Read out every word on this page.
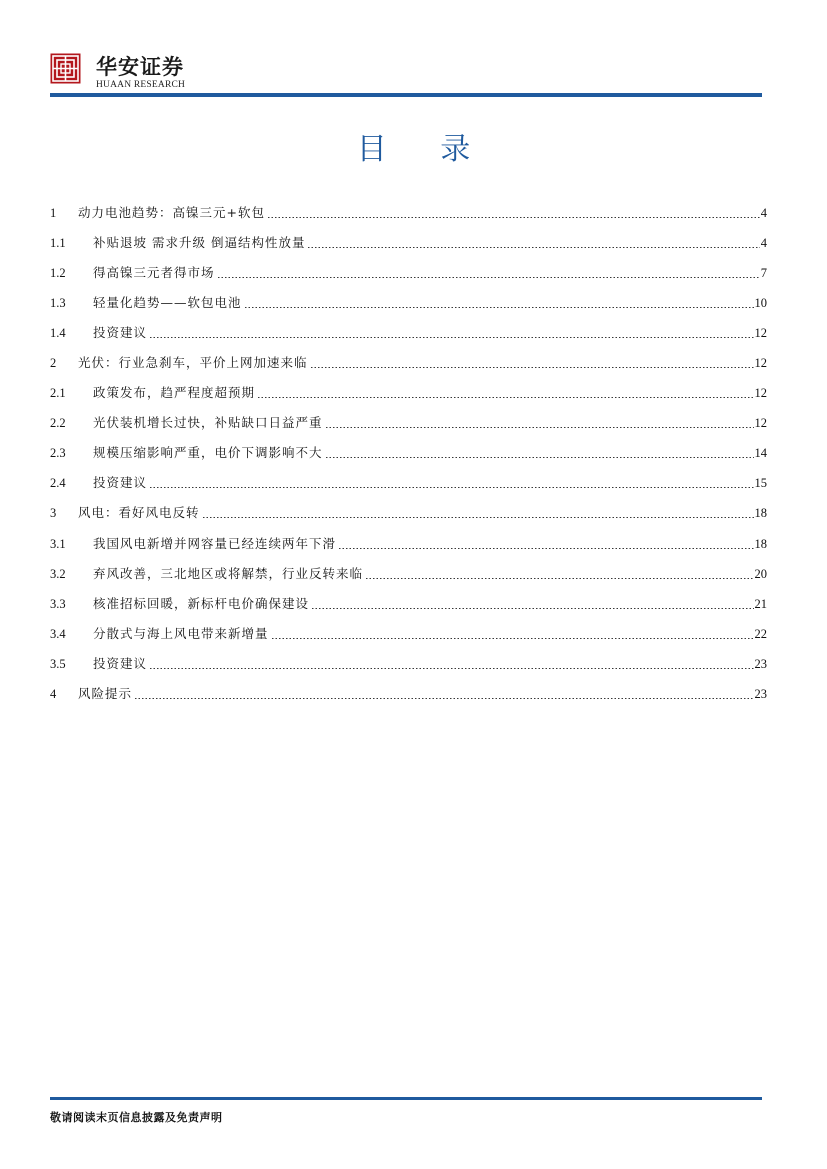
华安证券
HUAAN RESEARCH
目 录
1 动力电池趋势：高镍三元+软包	4
1.1 补贴退坡 需求升级 倒逼结构性放量	4
1.2 得高镍三元者得市场	7
1.3 轻量化趋势——软包电池	10
1.4 投资建议	12
2 光伏：行业急刹车，平价上网加速来临	12
2.1 政策发布，趋严程度超预期	12
2.2 光伏装机增长过快，补贴缺口日益严重	12
2.3 规模压缩影响严重，电价下调影响不大	14
2.4 投资建议	15
3 风电：看好风电反转	18
3.1 我国风电新增并网容量已经连续两年下滑	18
3.2 弃风改善，三北地区或将解禁，行业反转来临	20
3.3 核准招标回暖，新标杆电价确保建设	21
3.4 分散式与海上风电带来新增量	22
3.5 投资建议	23
4 风险提示	23
敬请阅读末页信息披露及免责声明
